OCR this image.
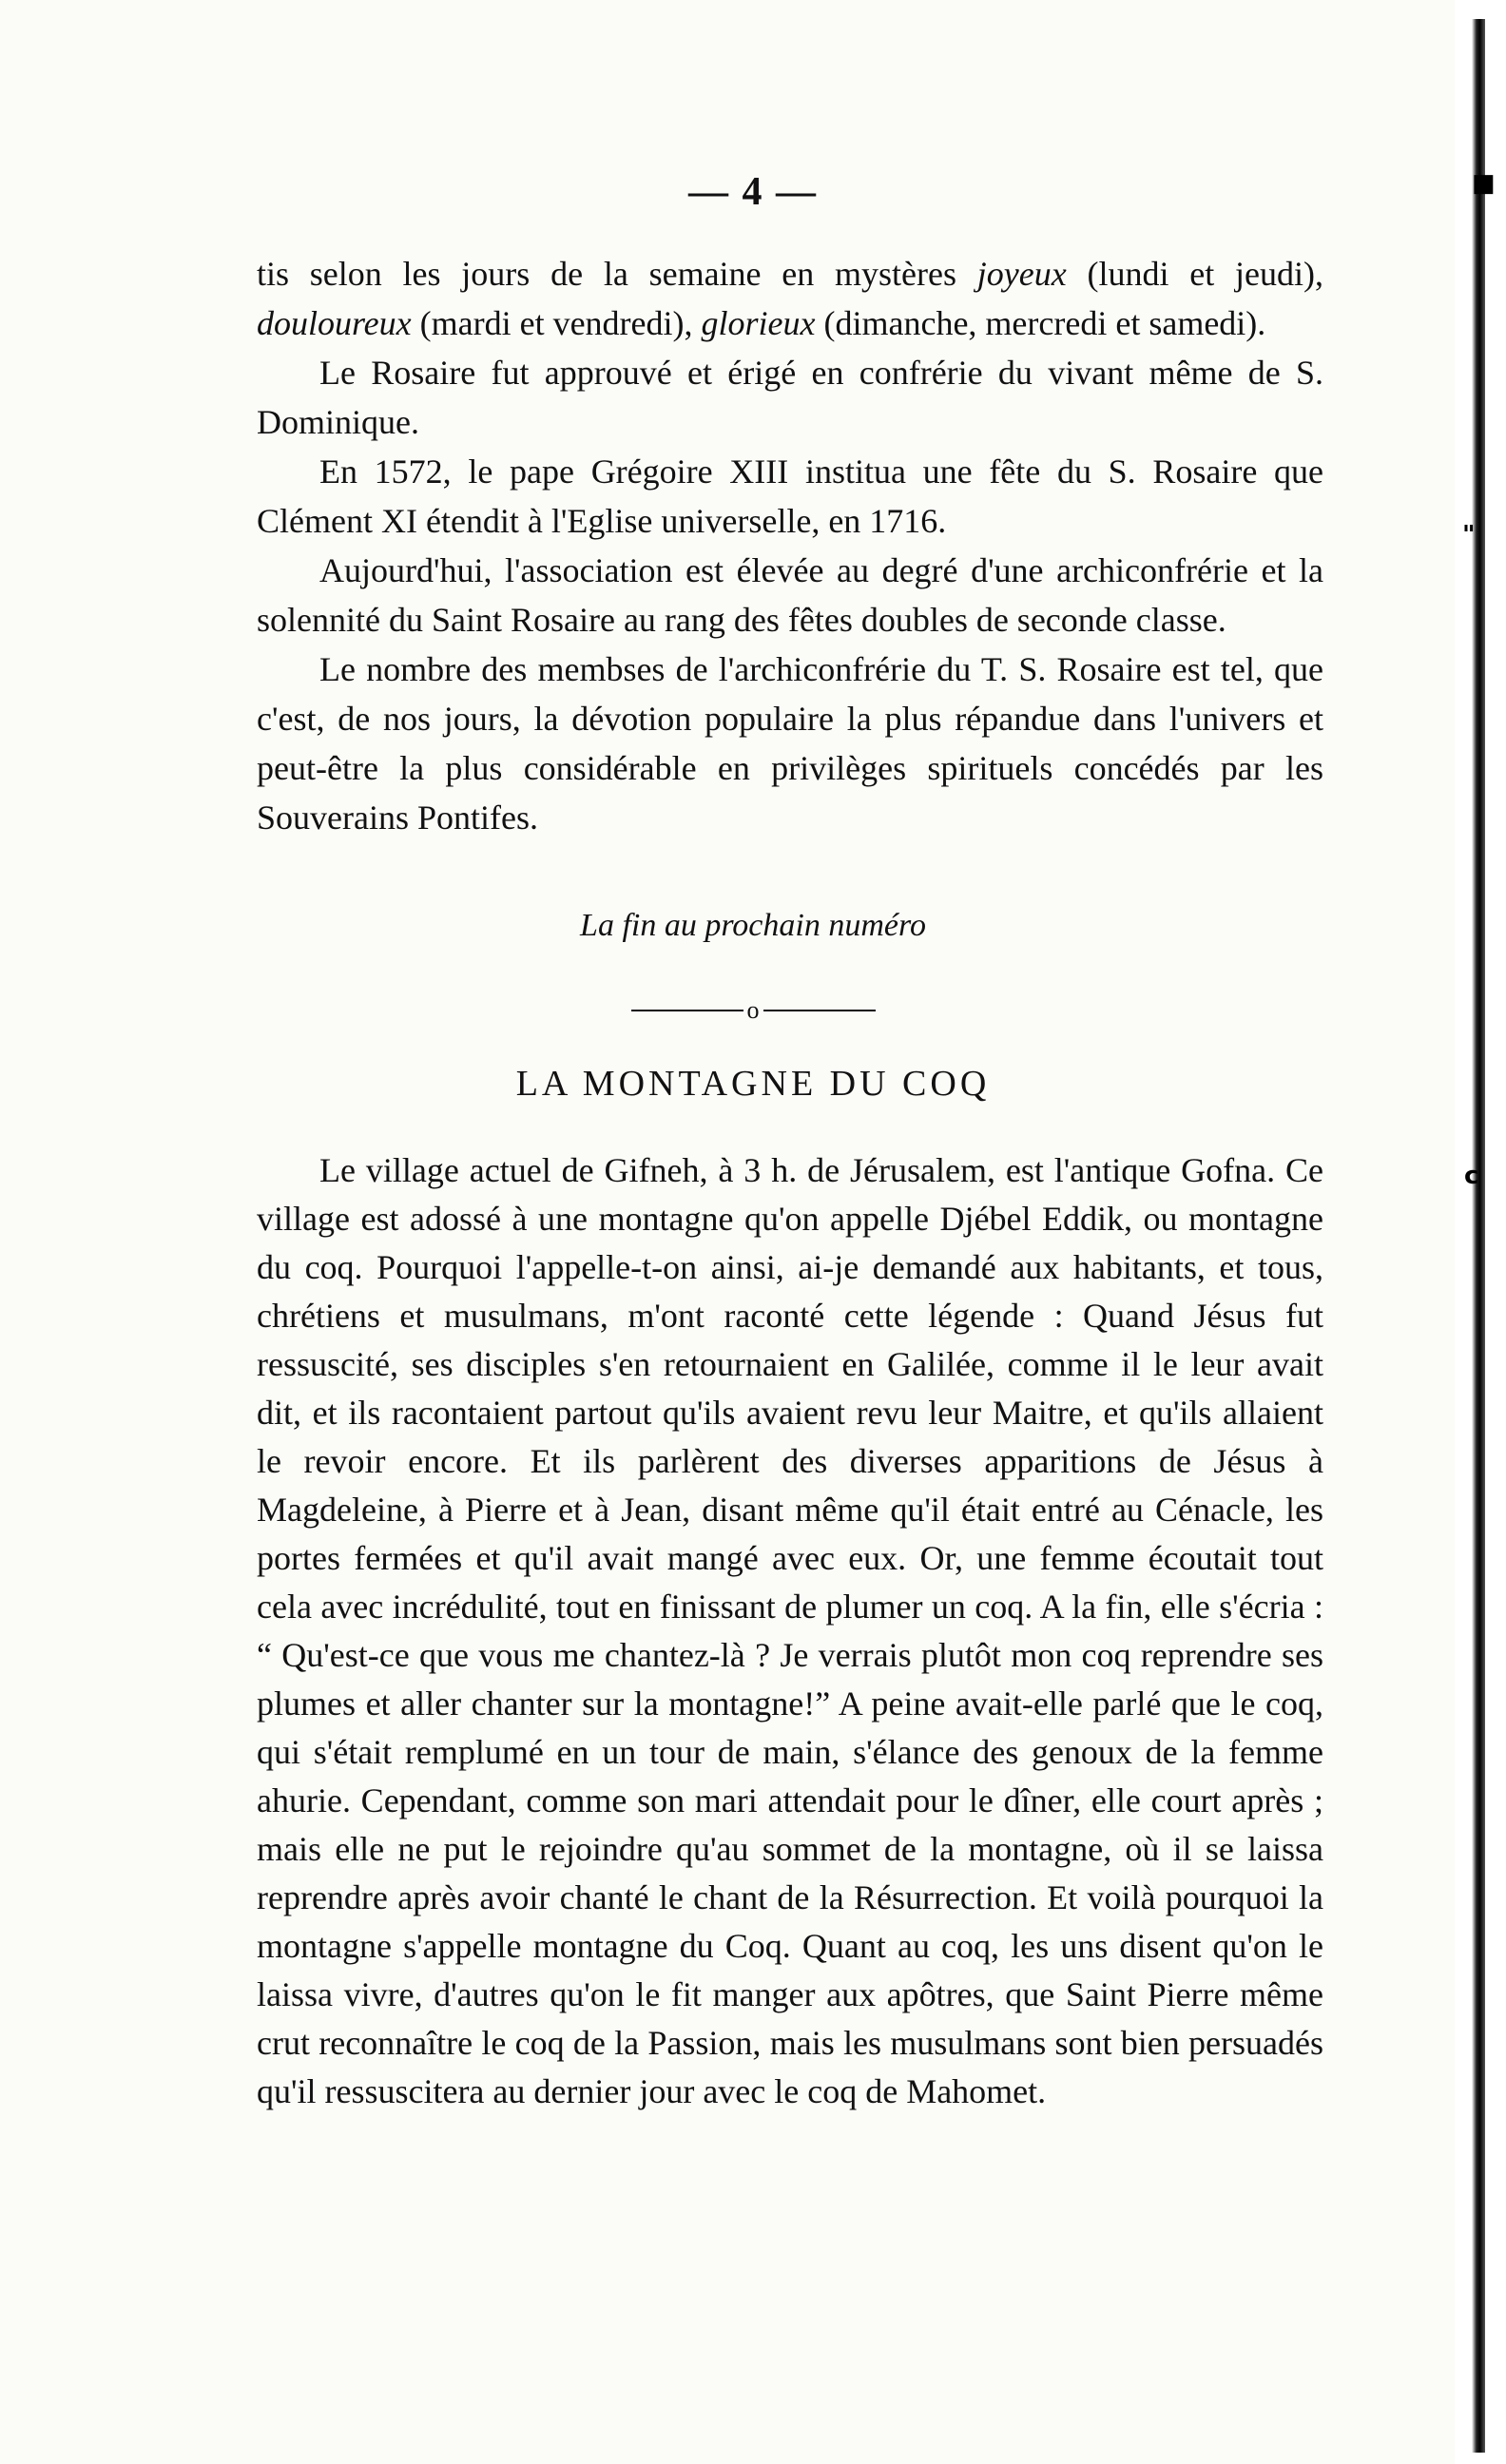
■
"
c
— 4 —

tis selon les jours de la semaine en mystères joyeux (lundi et jeudi), douloureux (mardi et vendredi), glorieux (dimanche, mercredi et samedi).

Le Rosaire fut approuvé et érigé en confrérie du vivant même de S. Dominique.

En 1572, le pape Grégoire XIII institua une fête du S. Rosaire que Clément XI étendit à l'Eglise universelle, en 1716.

Aujourd'hui, l'association est élevée au degré d'une archiconfrérie et la solennité du Saint Rosaire au rang des fêtes doubles de seconde classe.

Le nombre des membses de l'archiconfrérie du T. S. Rosaire est tel, que c'est, de nos jours, la dévotion populaire la plus répandue dans l'univers et peut-être la plus considérable en privilèges spirituels concédés par les Souverains Pontifes.

La fin au prochain numéro
o
LA MONTAGNE DU COQ

Le village actuel de Gifneh, à 3 h. de Jérusalem, est l'antique Gofna. Ce village est adossé à une montagne qu'on appelle Djébel Eddik, ou montagne du coq. Pourquoi l'appelle-t-on ainsi, ai-je demandé aux habitants, et tous, chrétiens et musulmans, m'ont raconté cette légende : Quand Jésus fut ressuscité, ses disciples s'en retournaient en Galilée, comme il le leur avait dit, et ils racontaient partout qu'ils avaient revu leur Maitre, et qu'ils allaient le revoir encore. Et ils parlèrent des diverses apparitions de Jésus à Magdeleine, à Pierre et à Jean, disant même qu'il était entré au Cénacle, les portes fermées et qu'il avait mangé avec eux. Or, une femme écoutait tout cela avec incrédulité, tout en finissant de plumer un coq. A la fin, elle s'écria : “ Qu'est-ce que vous me chantez-là ? Je verrais plutôt mon coq reprendre ses plumes et aller chanter sur la montagne!” A peine avait-elle parlé que le coq, qui s'était remplumé en un tour de main, s'élance des genoux de la femme ahurie. Cependant, comme son mari attendait pour le dîner, elle court après ; mais elle ne put le rejoindre qu'au sommet de la montagne, où il se laissa reprendre après avoir chanté le chant de la Résurrection. Et voilà pourquoi la montagne s'appelle montagne du Coq. Quant au coq, les uns disent qu'on le laissa vivre, d'autres qu'on le fit manger aux apôtres, que Saint Pierre même crut reconnaître le coq de la Passion, mais les musulmans sont bien persuadés qu'il ressuscitera au dernier jour avec le coq de Mahomet.
